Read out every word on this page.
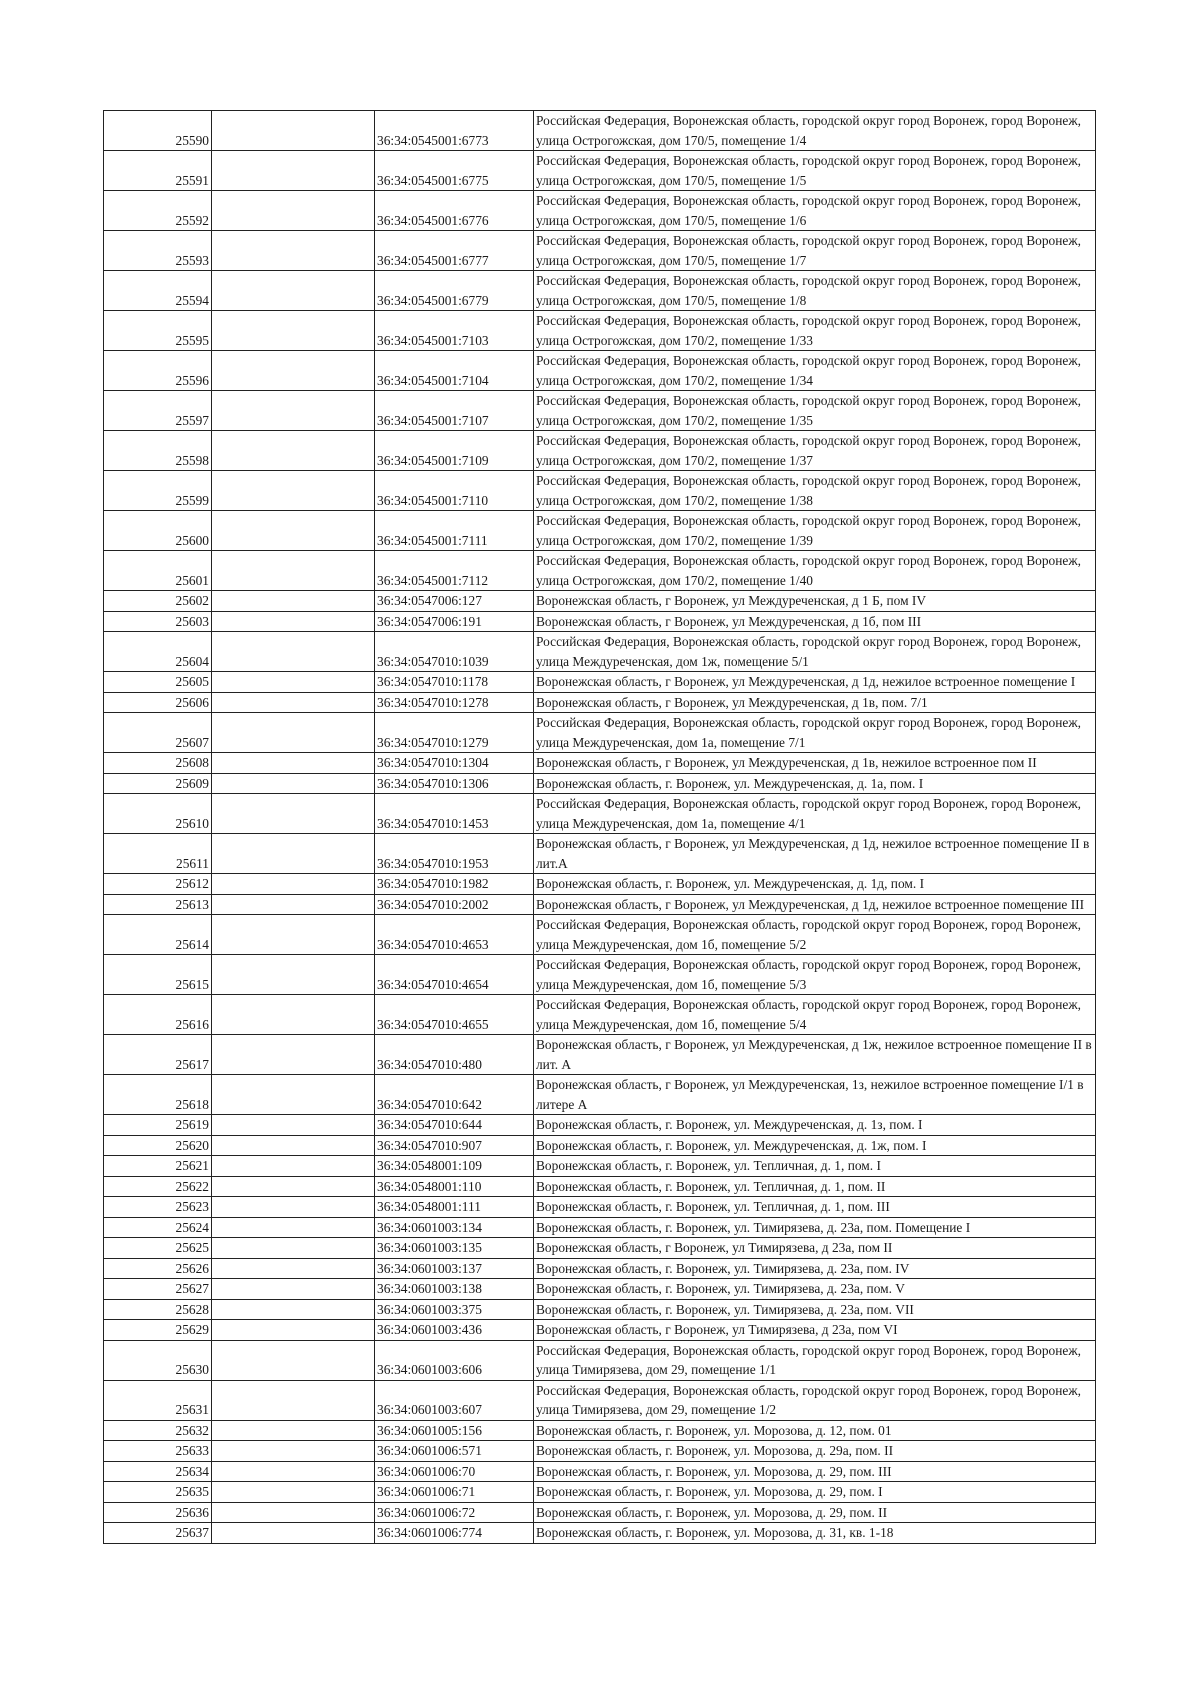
25590		36:34:0545001:6773	Российская Федерация, Воронежская область, городской округ город Воронеж, город Воронеж, улица Острогожская, дом 170/5, помещение 1/4
25591		36:34:0545001:6775	Российская Федерация, Воронежская область, городской округ город Воронеж, город Воронеж, улица Острогожская, дом 170/5, помещение 1/5
25592		36:34:0545001:6776	Российская Федерация, Воронежская область, городской округ город Воронеж, город Воронеж, улица Острогожская, дом 170/5, помещение 1/6
25593		36:34:0545001:6777	Российская Федерация, Воронежская область, городской округ город Воронеж, город Воронеж, улица Острогожская, дом 170/5, помещение 1/7
25594		36:34:0545001:6779	Российская Федерация, Воронежская область, городской округ город Воронеж, город Воронеж, улица Острогожская, дом 170/5, помещение 1/8
25595		36:34:0545001:7103	Российская Федерация, Воронежская область, городской округ город Воронеж, город Воронеж, улица Острогожская, дом 170/2, помещение 1/33
25596		36:34:0545001:7104	Российская Федерация, Воронежская область, городской округ город Воронеж, город Воронеж, улица Острогожская, дом 170/2, помещение 1/34
25597		36:34:0545001:7107	Российская Федерация, Воронежская область, городской округ город Воронеж, город Воронеж, улица Острогожская, дом 170/2, помещение 1/35
25598		36:34:0545001:7109	Российская Федерация, Воронежская область, городской округ город Воронеж, город Воронеж, улица Острогожская, дом 170/2, помещение 1/37
25599		36:34:0545001:7110	Российская Федерация, Воронежская область, городской округ город Воронеж, город Воронеж, улица Острогожская, дом 170/2, помещение 1/38
25600		36:34:0545001:7111	Российская Федерация, Воронежская область, городской округ город Воронеж, город Воронеж, улица Острогожская, дом 170/2, помещение 1/39
25601		36:34:0545001:7112	Российская Федерация, Воронежская область, городской округ город Воронеж, город Воронеж, улица Острогожская, дом 170/2, помещение 1/40
25602		36:34:0547006:127	Воронежская область, г Воронеж, ул Междуреченская, д 1 Б, пом IV
25603		36:34:0547006:191	Воронежская область, г Воронеж, ул Междуреченская, д 1б, пом III
25604		36:34:0547010:1039	Российская Федерация, Воронежская область, городской округ город Воронеж, город Воронеж, улица Междуреченская, дом 1ж, помещение 5/1
25605		36:34:0547010:1178	Воронежская область, г Воронеж, ул Междуреченская, д 1д, нежилое встроенное помещение I
25606		36:34:0547010:1278	Воронежская область, г Воронеж, ул Междуреченская, д 1в, пом. 7/1
25607		36:34:0547010:1279	Российская Федерация, Воронежская область, городской округ город Воронеж, город Воронеж, улица Междуреченская, дом 1а, помещение 7/1
25608		36:34:0547010:1304	Воронежская область, г Воронеж, ул Междуреченская, д 1в, нежилое встроенное пом II
25609		36:34:0547010:1306	Воронежская область, г. Воронеж, ул. Междуреченская, д. 1а, пом. I
25610		36:34:0547010:1453	Российская Федерация, Воронежская область, городской округ город Воронеж, город Воронеж, улица Междуреченская, дом 1а, помещение 4/1
25611		36:34:0547010:1953	Воронежская область, г Воронеж, ул Междуреченская, д 1д, нежилое встроенное помещение II в лит.А
25612		36:34:0547010:1982	Воронежская область, г. Воронеж, ул. Междуреченская, д. 1д, пом. I
25613		36:34:0547010:2002	Воронежская область, г Воронеж, ул Междуреченская, д 1д, нежилое встроенное помещение III
25614		36:34:0547010:4653	Российская Федерация, Воронежская область, городской округ город Воронеж, город Воронеж, улица Междуреченская, дом 1б, помещение 5/2
25615		36:34:0547010:4654	Российская Федерация, Воронежская область, городской округ город Воронеж, город Воронеж, улица Междуреченская, дом 1б, помещение 5/3
25616		36:34:0547010:4655	Российская Федерация, Воронежская область, городской округ город Воронеж, город Воронеж, улица Междуреченская, дом 1б, помещение 5/4
25617		36:34:0547010:480	Воронежская область, г Воронеж, ул Междуреченская, д 1ж, нежилое встроенное помещение II в лит. А
25618		36:34:0547010:642	Воронежская область, г Воронеж, ул Междуреченская, 1з, нежилое встроенное помещение I/1 в литере А
25619		36:34:0547010:644	Воронежская область, г. Воронеж, ул. Междуреченская, д. 1з, пом. I
25620		36:34:0547010:907	Воронежская область, г. Воронеж, ул. Междуреченская, д. 1ж, пом. I
25621		36:34:0548001:109	Воронежская область, г. Воронеж, ул. Тепличная, д. 1, пом. I
25622		36:34:0548001:110	Воронежская область, г. Воронеж, ул. Тепличная, д. 1, пом. II
25623		36:34:0548001:111	Воронежская область, г. Воронеж, ул. Тепличная, д. 1, пом. III
25624		36:34:0601003:134	Воронежская область, г. Воронеж, ул. Тимирязева, д. 23а, пом. Помещение I
25625		36:34:0601003:135	Воронежская область, г Воронеж, ул Тимирязева, д 23а, пом II
25626		36:34:0601003:137	Воронежская область, г. Воронеж, ул. Тимирязева, д. 23а, пом. IV
25627		36:34:0601003:138	Воронежская область, г. Воронеж, ул. Тимирязева, д. 23а, пом. V
25628		36:34:0601003:375	Воронежская область, г. Воронеж, ул. Тимирязева, д. 23а, пом. VII
25629		36:34:0601003:436	Воронежская область, г Воронеж, ул Тимирязева, д 23а, пом VI
25630		36:34:0601003:606	Российская Федерация, Воронежская область, городской округ город Воронеж, город Воронеж, улица Тимирязева, дом 29, помещение 1/1
25631		36:34:0601003:607	Российская Федерация, Воронежская область, городской округ город Воронеж, город Воронеж, улица Тимирязева, дом 29, помещение 1/2
25632		36:34:0601005:156	Воронежская область, г. Воронеж, ул. Морозова, д. 12, пом. 01
25633		36:34:0601006:571	Воронежская область, г. Воронеж, ул. Морозова, д. 29а, пом. II
25634		36:34:0601006:70	Воронежская область, г. Воронеж, ул. Морозова, д. 29, пом. III
25635		36:34:0601006:71	Воронежская область, г. Воронеж, ул. Морозова, д. 29, пом. I
25636		36:34:0601006:72	Воронежская область, г. Воронеж, ул. Морозова, д. 29, пом. II
25637		36:34:0601006:774	Воронежская область, г. Воронеж, ул. Морозова, д. 31, кв. 1-18
